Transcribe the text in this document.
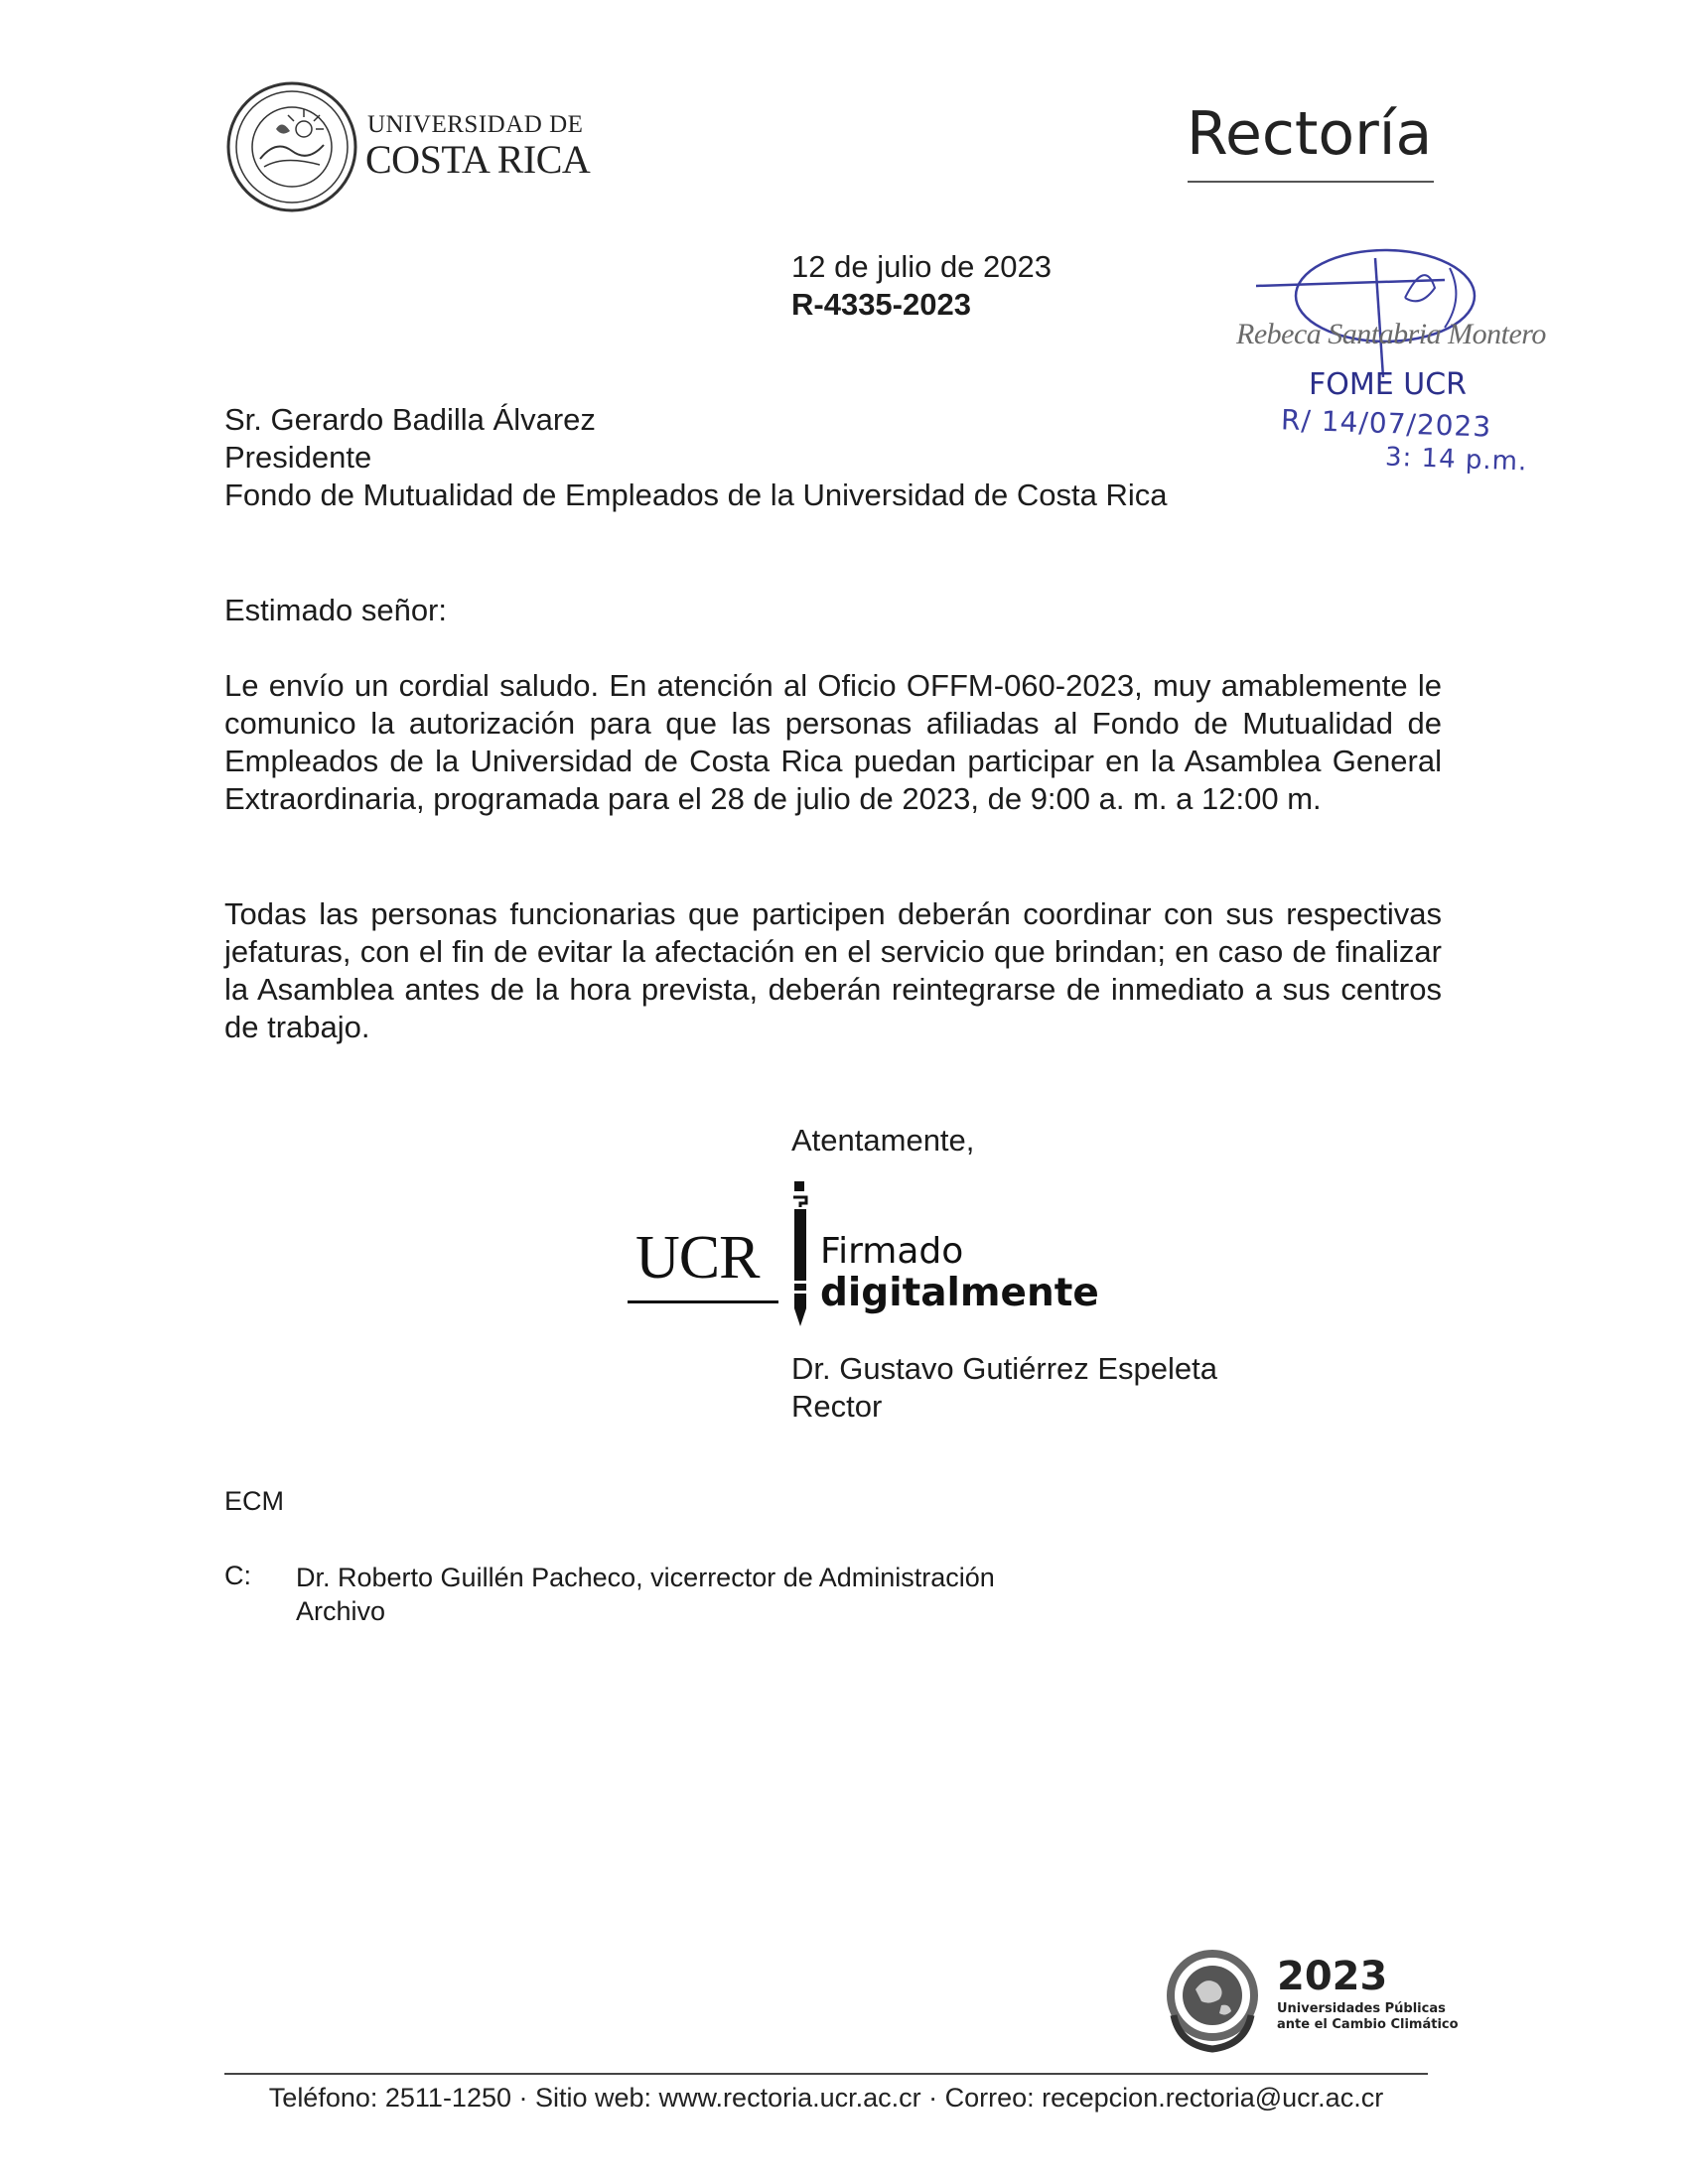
UNIVERSIDAD DE
COSTA RICA	Rectoría
12 de julio de 2023
R-4335-2023
Rebeca Santabria Montero
FOME UCR
R/ 14/07/2023
3: 14 p.m.
Sr. Gerardo Badilla Álvarez
Presidente
Fondo de Mutualidad de Empleados de la Universidad de Costa Rica
Estimado señor:
Le envío un cordial saludo. En atención al Oficio OFFM-060-2023, muy amablemente le comunico la autorización para que las personas afiliadas al Fondo de Mutualidad de Empleados de la Universidad de Costa Rica puedan participar en la Asamblea General Extraordinaria, programada para el 28 de julio de 2023, de 9:00 a. m. a 12:00 m.
Todas las personas funcionarias que participen deberán coordinar con sus respectivas jefaturas, con el fin de evitar la afectación en el servicio que brindan; en caso de finalizar la Asamblea antes de la hora prevista, deberán reintegrarse de inmediato a sus centros de trabajo.
Atentamente,
UCR Firmado
digitalmente
Dr. Gustavo Gutiérrez Espeleta
Rector
ECM
C: Dr. Roberto Guillén Pacheco, vicerrector de Administración
Archivo
2023
Universidades Públicas
ante el Cambio Climático
Teléfono: 2511-1250 · Sitio web: www.rectoria.ucr.ac.cr · Correo: recepcion.rectoria@ucr.ac.cr
